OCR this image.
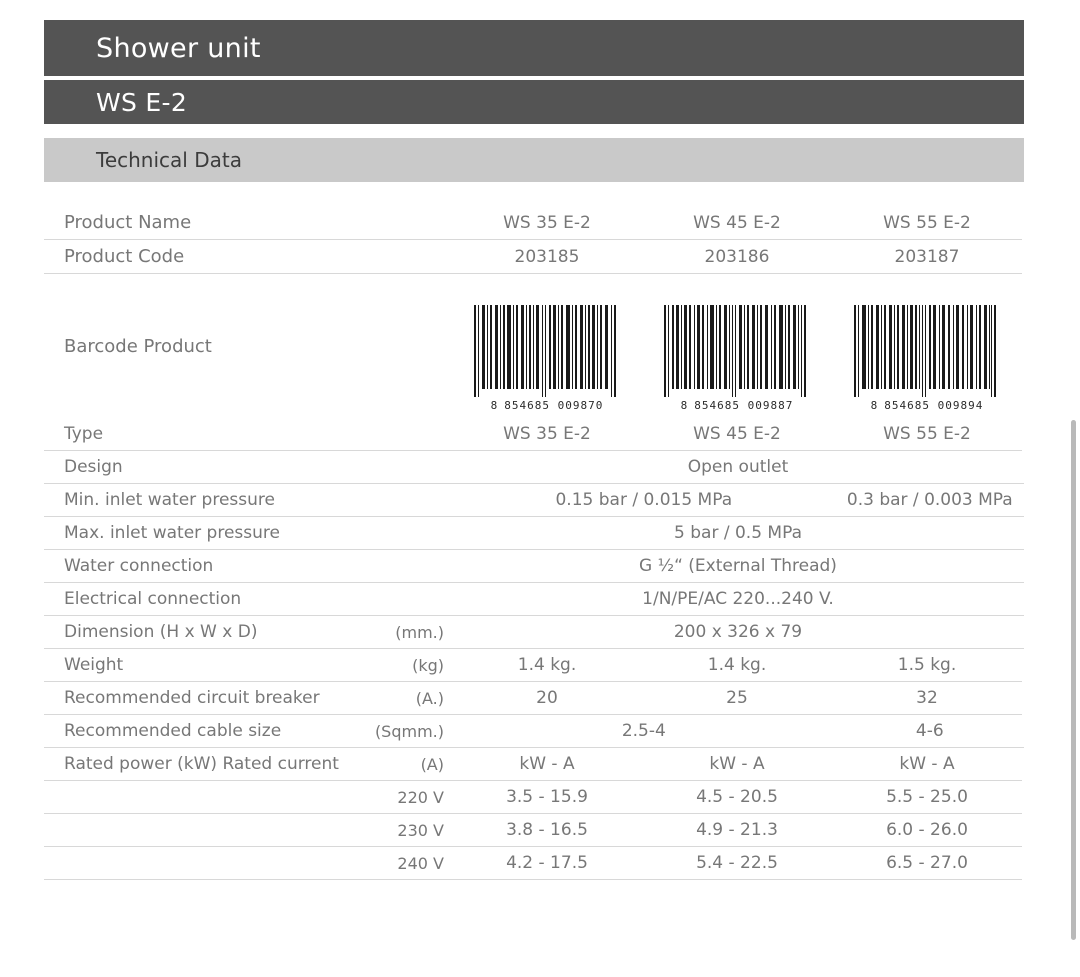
Shower unit
WS E-2
Technical Data
Product Name	WS 35 E-2	WS 45 E-2	WS 55 E-2
Product Code	203185	203186	203187
Barcode Product
8 854685 009870	8 854685 009887	8 854685 009894
Type	WS 35 E-2	WS 45 E-2	WS 55 E-2
Design	Open outlet
Min. inlet water pressure	0.15 bar / 0.015 MPa	0.3 bar / 0.003 MPa
Max. inlet water pressure	5 bar / 0.5 MPa
Water connection	G ½“ (External Thread)
Electrical connection	1/N/PE/AC 220...240 V.
Dimension (H x W x D)	(mm.)	200 x 326 x 79
Weight	(kg)	1.4 kg.	1.4 kg.	1.5 kg.
Recommended circuit breaker	(A.)	20	25	32
Recommended cable size	(Sqmm.)	2.5-4	4-6
Rated power (kW) Rated current	(A)	kW - A	kW - A	kW - A
220 V	3.5 - 15.9	4.5 - 20.5	5.5 - 25.0
230 V	3.8 - 16.5	4.9 - 21.3	6.0 - 26.0
240 V	4.2 - 17.5	5.4 - 22.5	6.5 - 27.0
